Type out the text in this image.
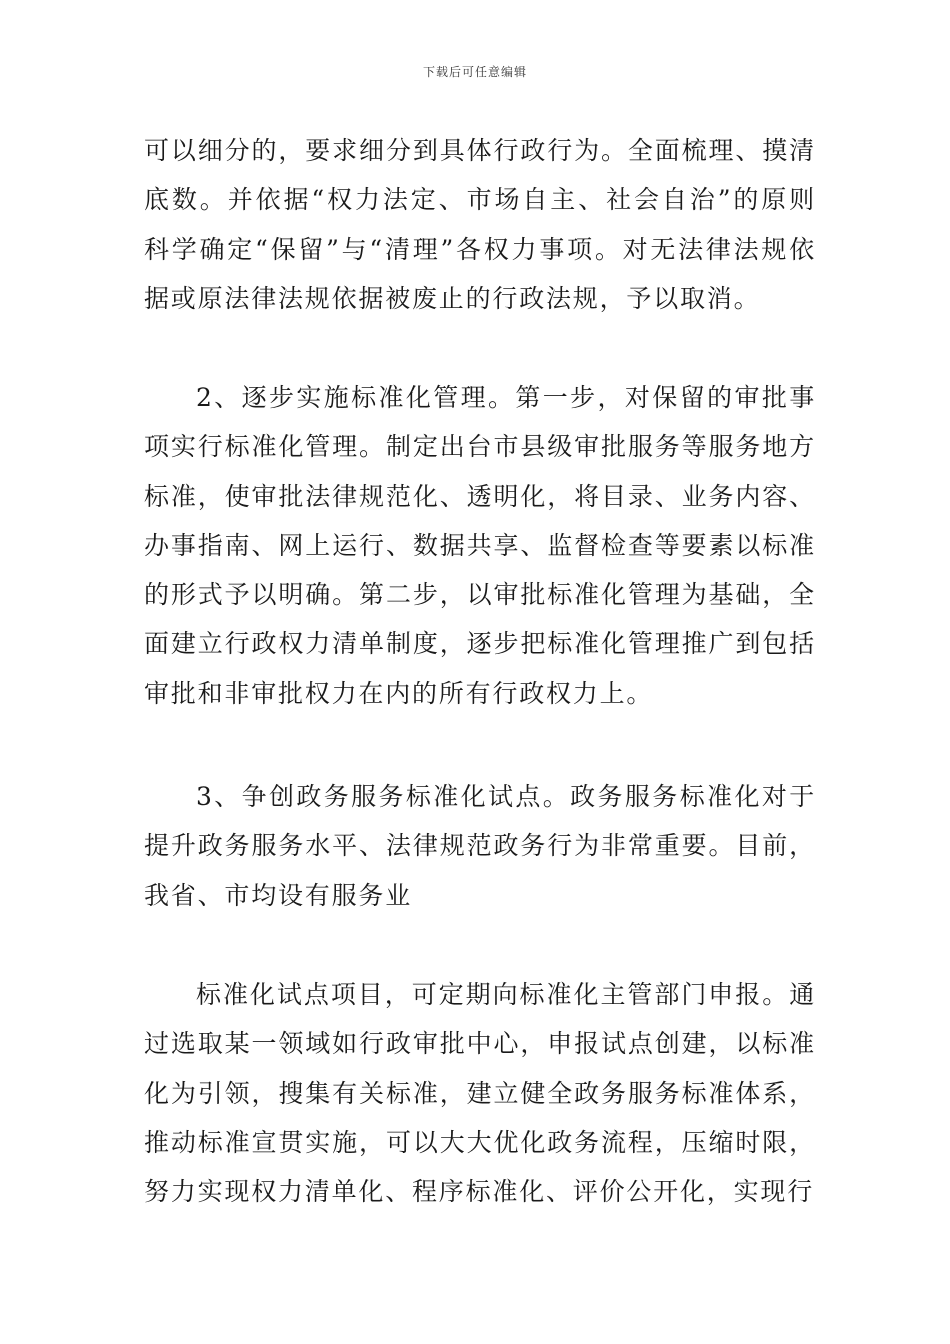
下载后可任意编辑

可以细分的，要求细分到具体行政行为。全面梳理、摸清底数。并依据“权力法定、市场自主、社会自治”的原则科学确定“保留”与“清理”各权力事项。对无法律法规依据或原法律法规依据被废止的行政法规，予以取消。

2、逐步实施标准化管理。第一步，对保留的审批事项实行标准化管理。制定出台市县级审批服务等服务地方标准，使审批法律规范化、透明化，将目录、业务内容、办事指南、网上运行、数据共享、监督检查等要素以标准的形式予以明确。第二步，以审批标准化管理为基础，全面建立行政权力清单制度，逐步把标准化管理推广到包括审批和非审批权力在内的所有行政权力上。

3、争创政务服务标准化试点。政务服务标准化对于提升政务服务水平、法律规范政务行为非常重要。目前，我省、市均设有服务业

标准化试点项目，可定期向标准化主管部门申报。通过选取某一领域如行政审批中心，申报试点创建，以标准化为引领，搜集有关标准，建立健全政务服务标准体系，推动标准宣贯实施，可以大大优化政务流程，压缩时限，努力实现权力清单化、程序标准化、评价公开化，实现行
